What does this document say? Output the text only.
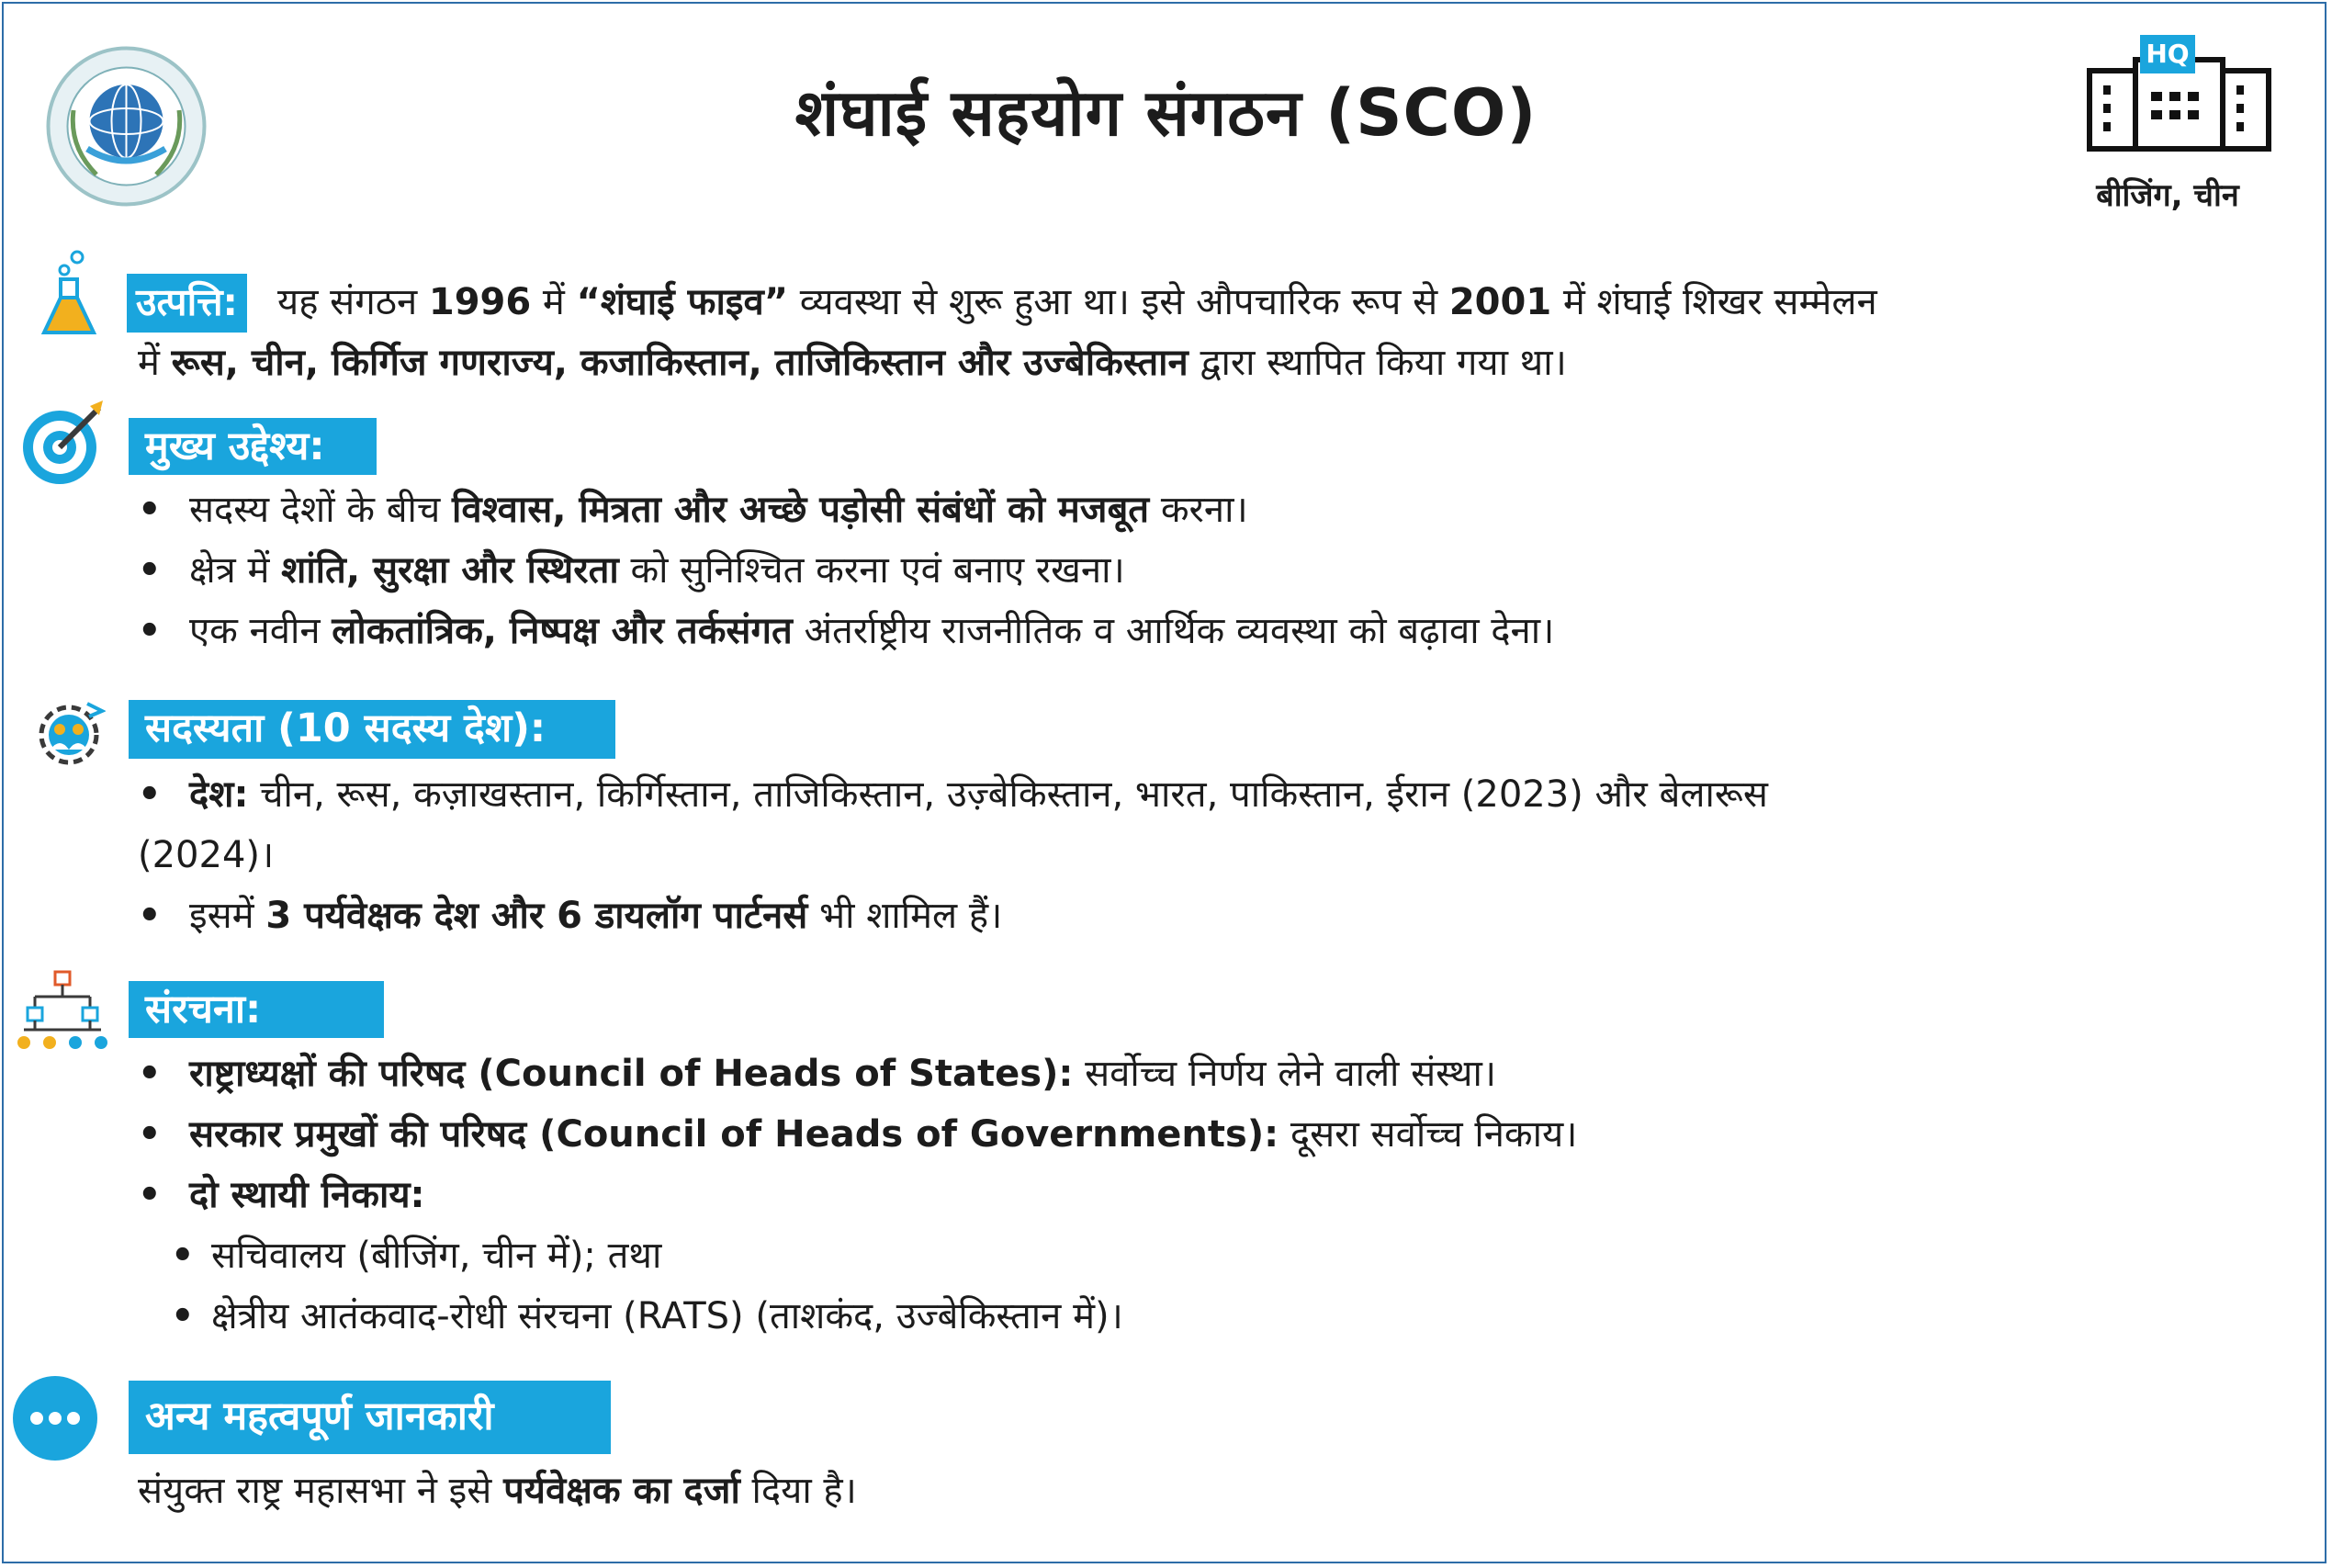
शंघाई सहयोग संगठन (SCO)
HQ
बीजिंग, चीन
उत्पत्ति: यह संगठन 1996 में “शंघाई फाइव” व्यवस्था से शुरू हुआ था। इसे औपचारिक रूप से 2001 में शंघाई शिखर सम्मेलन
में रूस, चीन, किर्गिज गणराज्य, कजाकिस्तान, ताजिकिस्तान और उज्बेकिस्तान द्वारा स्थापित किया गया था।
मुख्य उद्देश्य:
• सदस्य देशों के बीच विश्वास, मित्रता और अच्छे पड़ोसी संबंधों को मजबूत करना।
• क्षेत्र में शांति, सुरक्षा और स्थिरता को सुनिश्चित करना एवं बनाए रखना।
• एक नवीन लोकतांत्रिक, निष्पक्ष और तर्कसंगत अंतर्राष्ट्रीय राजनीतिक व आर्थिक व्यवस्था को बढ़ावा देना।
सदस्यता (10 सदस्य देश):
• देश: चीन, रूस, कज़ाखस्तान, किर्गिस्तान, ताजिकिस्तान, उज़्बेकिस्तान, भारत, पाकिस्तान, ईरान (2023) और बेलारूस
(2024)।
• इसमें 3 पर्यवेक्षक देश और 6 डायलॉग पार्टनर्स भी शामिल हैं।
संरचना:
• राष्ट्राध्यक्षों की परिषद (Council of Heads of States): सर्वोच्च निर्णय लेने वाली संस्था।
• सरकार प्रमुखों की परिषद (Council of Heads of Governments): दूसरा सर्वोच्च निकाय।
• दो स्थायी निकाय:
• सचिवालय (बीजिंग, चीन में); तथा
• क्षेत्रीय आतंकवाद-रोधी संरचना (RATS) (ताशकंद, उज्बेकिस्तान में)।
अन्य महत्वपूर्ण जानकारी
संयुक्त राष्ट्र महासभा ने इसे पर्यवेक्षक का दर्जा दिया है।
